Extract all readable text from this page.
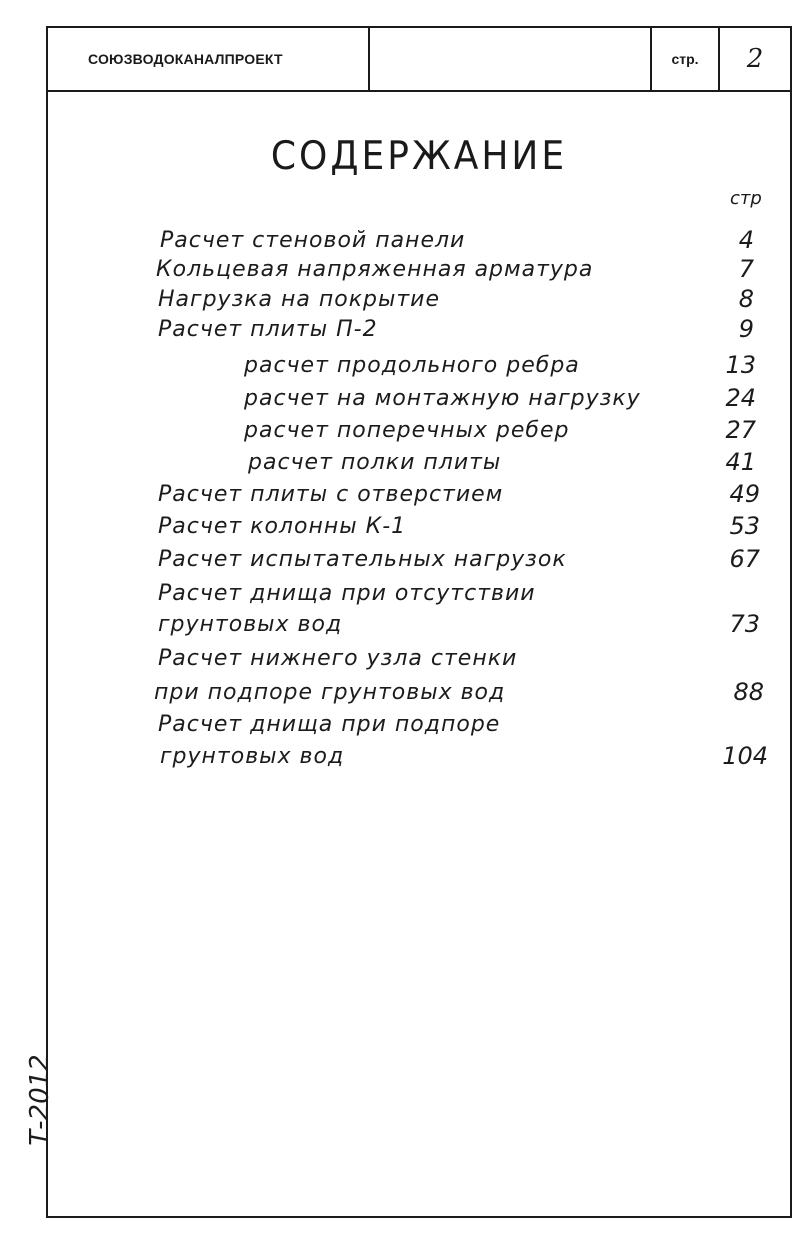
СОЮЗВОДОКАНАЛПРОЕКТ	стр.	2
СОДЕРЖАНИЕ
стр
Расчет стеновой панели	4
Кольцевая напряженная арматура	7
Нагрузка на покрытие	8
Расчет плиты П-2	9
расчет продольного ребра	13
расчет на монтажную нагрузку	24
расчет поперечных ребер	27
расчет полки плиты	41
Расчет плиты с отверстием	49
Расчет колонны К-1	53
Расчет испытательных нагрузок	67
Расчет днища при отсутствии
грунтовых вод	73
Расчет нижнего узла стенки
при подпоре грунтовых вод	88
Расчет днища при подпоре
грунтовых вод	104
Т-2012
